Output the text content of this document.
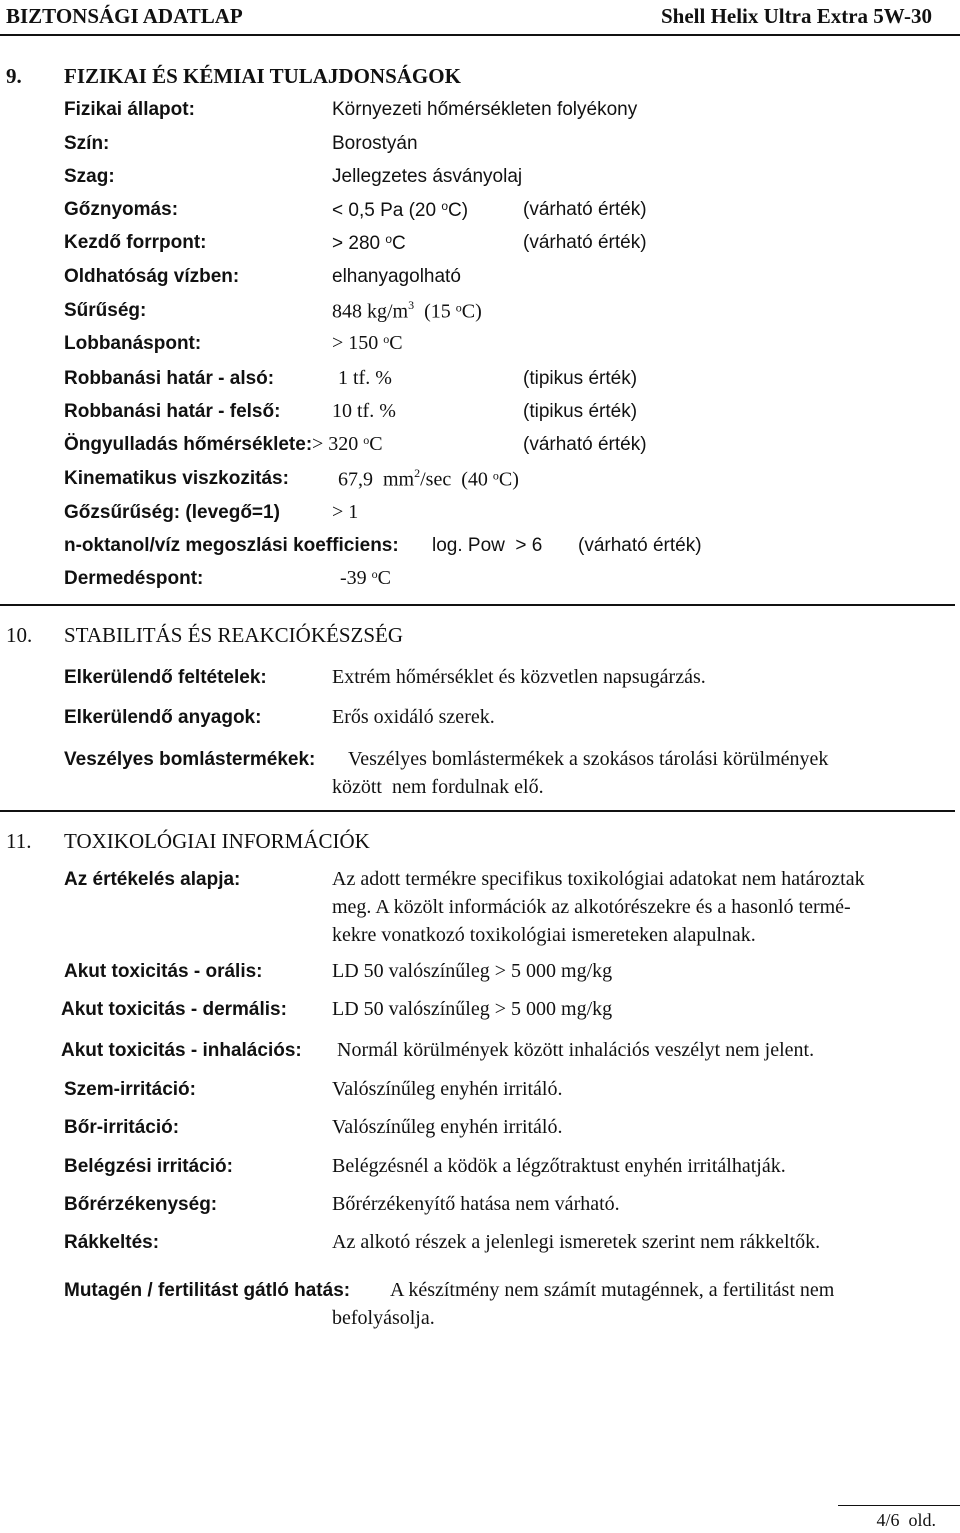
BIZTONSÁGI ADATLAP	Shell Helix Ultra Extra 5W-30
9. FIZIKAI ÉS KÉMIAI TULAJDONSÁGOK
Fizikai állapot:	Környezeti hőmérsékleten folyékony
Szín:	Borostyán
Szag:	Jellegzetes ásványolaj
Gőznyomás:	< 0,5 Pa (20 $^o$C)	(várható érték)
Kezdő forrpont:	> 280 $^o$C	(várható érték)
Oldhatóság vízben:	elhanyagolható
Sűrűség:	848 $kg/m^3$  (15 $^o$C)
Lobbanáspont:	> 150 $^o$C
Robbanási határ - alsó:	1 tf. %	(tipikus érték)
Robbanási határ - felső:	10 tf. %	(tipikus érték)
Öngyulladás hőmérséklete: > 320 $^o$C	(várható érték)
Kinematikus viszkozitás: 67,9  $mm^2/\sec$  (40 $^o$C)
Gőzsűrűség: (levegő=1)	> 1
n-oktanol/víz megoszlási koefficiens: log. Pow  > 6 (várható érték)
Dermedéspont:	-39 $^o$C
10. STABILITÁS ÉS REAKCIÓKÉSZSÉG
Elkerülendő feltételek:	Extrém hőmérséklet és közvetlen napsugárzás.
Elkerülendő anyagok:	Erős oxidáló szerek.
Veszélyes bomlástermékek: Veszélyes bomlástermékek a szokásos tárolási körülmények
között  nem fordulnak elő.
11. TOXIKOLÓGIAI INFORMÁCIÓK
Az értékelés alapja:	Az adott termékre specifikus toxikológiai adatokat nem határoztak
meg. A közölt információk az alkotórészekre és a hasonló termé-
kekre vonatkozó toxikológiai ismereteken alapulnak.
Akut toxicitás - orális:	LD 50 valószínűleg > 5 000 mg/kg
Akut toxicitás - dermális: LD 50 valószínűleg > 5 000 mg/kg
Akut toxicitás - inhalációs: Normál körülmények között inhalációs veszélyt nem jelent.
Szem-irritáció:	Valószínűleg enyhén irritáló.
Bőr-irritáció:	Valószínűleg enyhén irritáló.
Belégzési irritáció:	Belégzésnél a ködök a légzőtraktust enyhén irritálhatják.
Bőrérzékenység:	Bőrérzékenyítő hatása nem várható.
Rákkeltés:	Az alkotó részek a jelenlegi ismeretek szerint nem rákkeltők.
Mutagén / fertilitást gátló hatás: A készítmény nem számít mutagénnek, a fertilitást nem
befolyásolja.
4/6  old.
